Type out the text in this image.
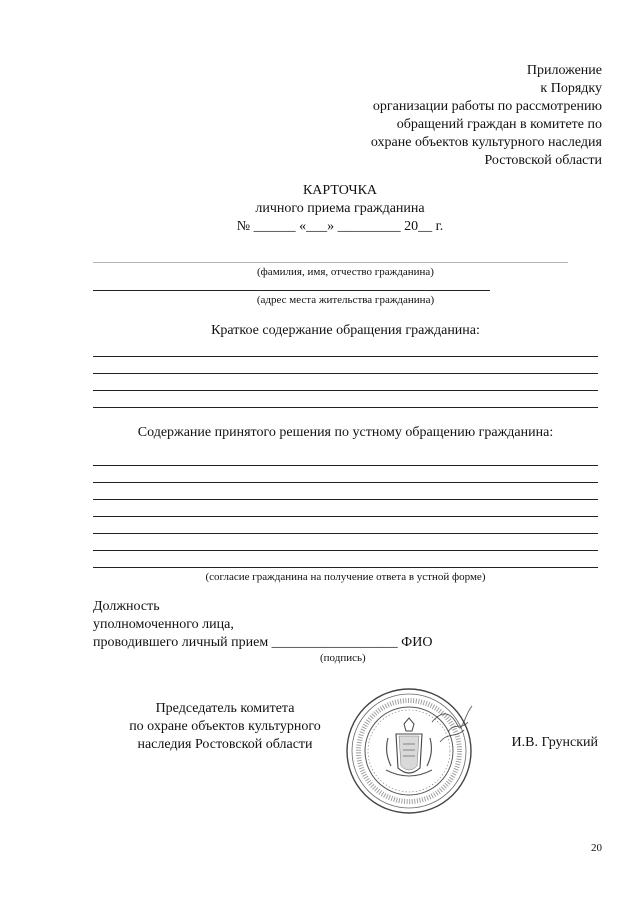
Приложение
к Порядку
организации работы по рассмотрению
обращений граждан в комитете по
охране объектов культурного наследия
Ростовской области
КАРТОЧКА
личного приема гражданина
№ ______ «___» _________ 20__ г.
(фамилия, имя, отчество гражданина)
(адрес места жительства гражданина)
Краткое содержание обращения гражданина:
Содержание принятого решения по устному обращению гражданина:
(согласие гражданина на получение ответа в устной форме)
Должность
уполномоченного лица,
проводившего личный прием __________________ ФИО
(подпись)
Председатель комитета
по охране объектов культурного
наследия Ростовской области	И.В. Грунский
20
